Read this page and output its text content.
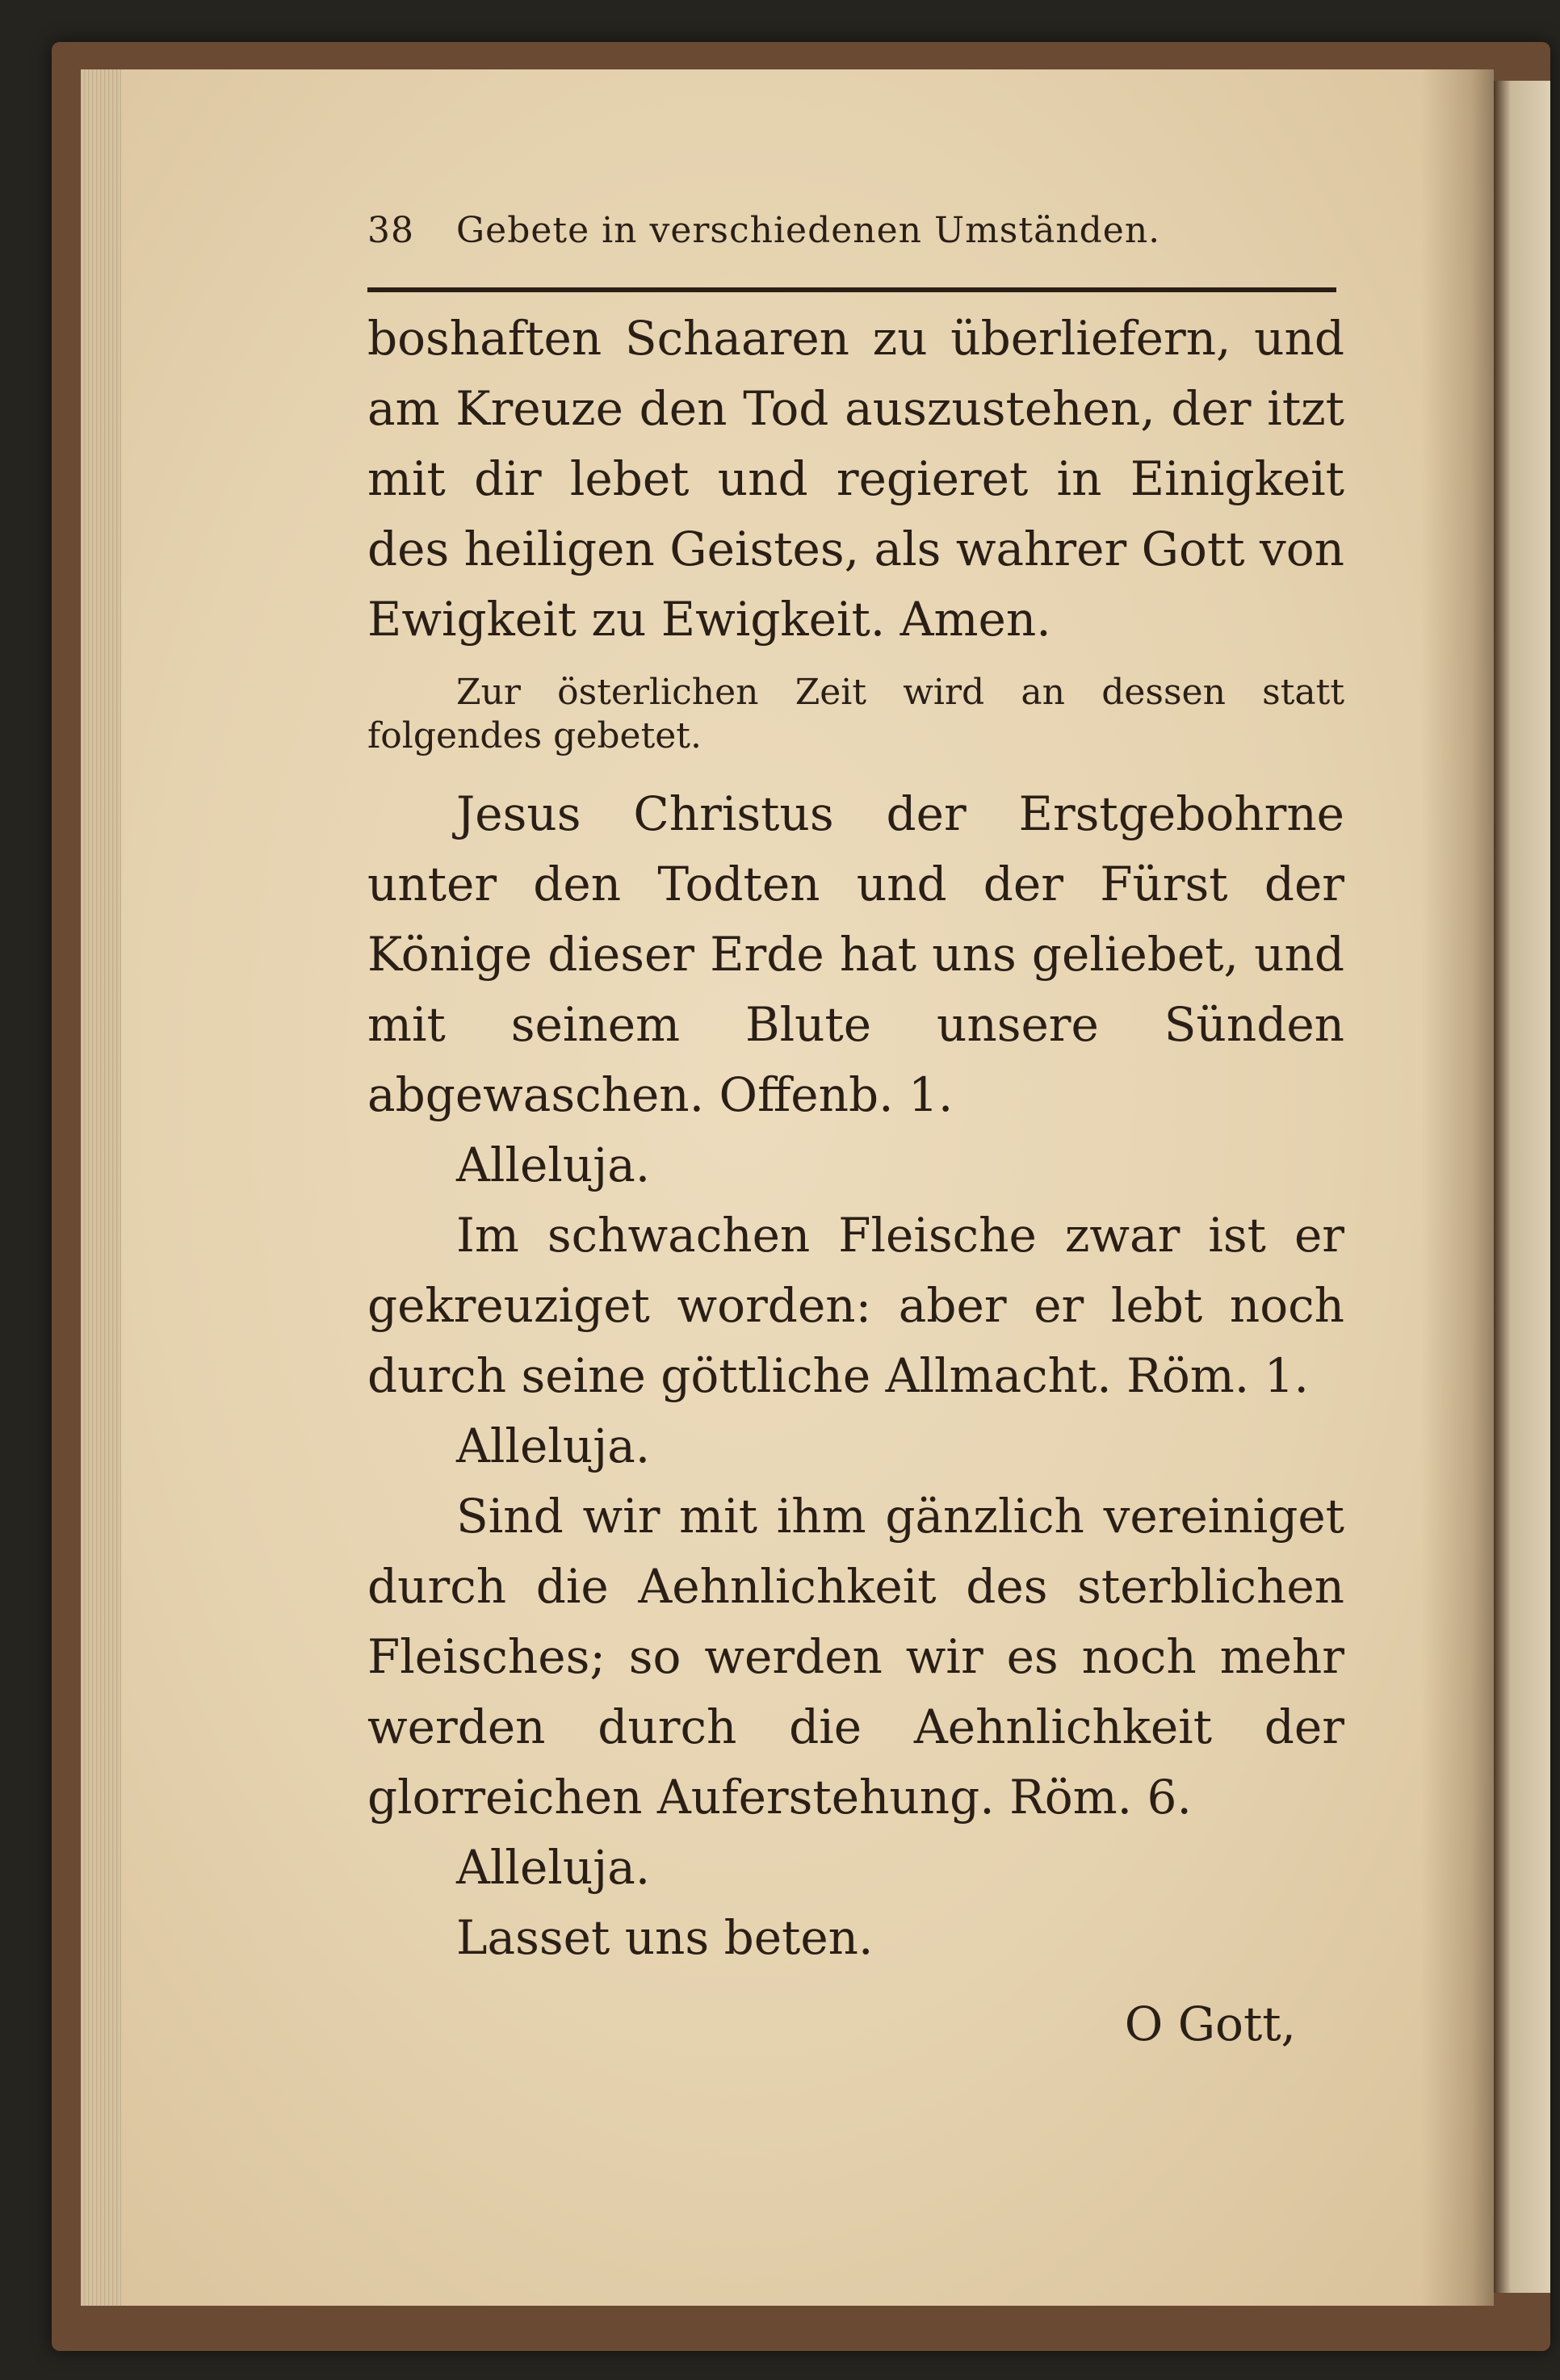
38 Gebete in verschiedenen Umständen.

boshaften Schaaren zu überliefern, und am Kreuze den Tod auszustehen, der itzt mit dir lebet und regieret in Einigkeit des heiligen Geistes, als wahrer Gott von Ewigkeit zu Ewigkeit. Amen.

Zur österlichen Zeit wird an dessen statt folgendes gebetet.

Jesus Christus der Erstgebohrne unter den Todten und der Fürst der Könige dieser Erde hat uns geliebet, und mit seinem Blute unsere Sünden abgewaschen. Offenb. 1.

Alleluja.

Im schwachen Fleische zwar ist er gekreuziget worden: aber er lebt noch durch seine göttliche Allmacht. Röm. 1.

Alleluja.

Sind wir mit ihm gänzlich vereiniget durch die Aehnlichkeit des sterblichen Fleisches; so werden wir es noch mehr werden durch die Aehnlichkeit der glorreichen Auferstehung. Röm. 6.

Alleluja.

Lasset uns beten.

O Gott,
